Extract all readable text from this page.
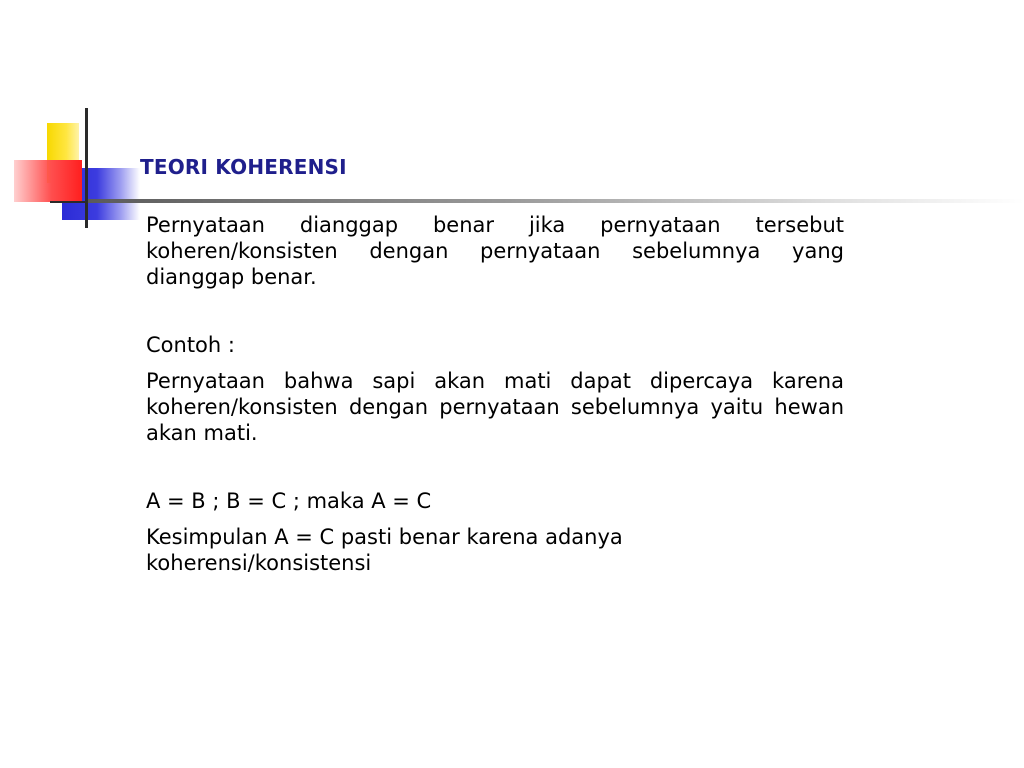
TEORI KOHERENSI

Pernyataan dianggap benar jika pernyataan tersebut koheren/konsisten dengan pernyataan sebelumnya yang dianggap benar.

Contoh :

Pernyataan bahwa sapi akan mati dapat dipercaya karena koheren/konsisten dengan pernyataan sebelumnya yaitu hewan akan mati.

A = B ; B = C ; maka A = C

Kesimpulan A = C pasti benar karena adanya koherensi/konsistensi
